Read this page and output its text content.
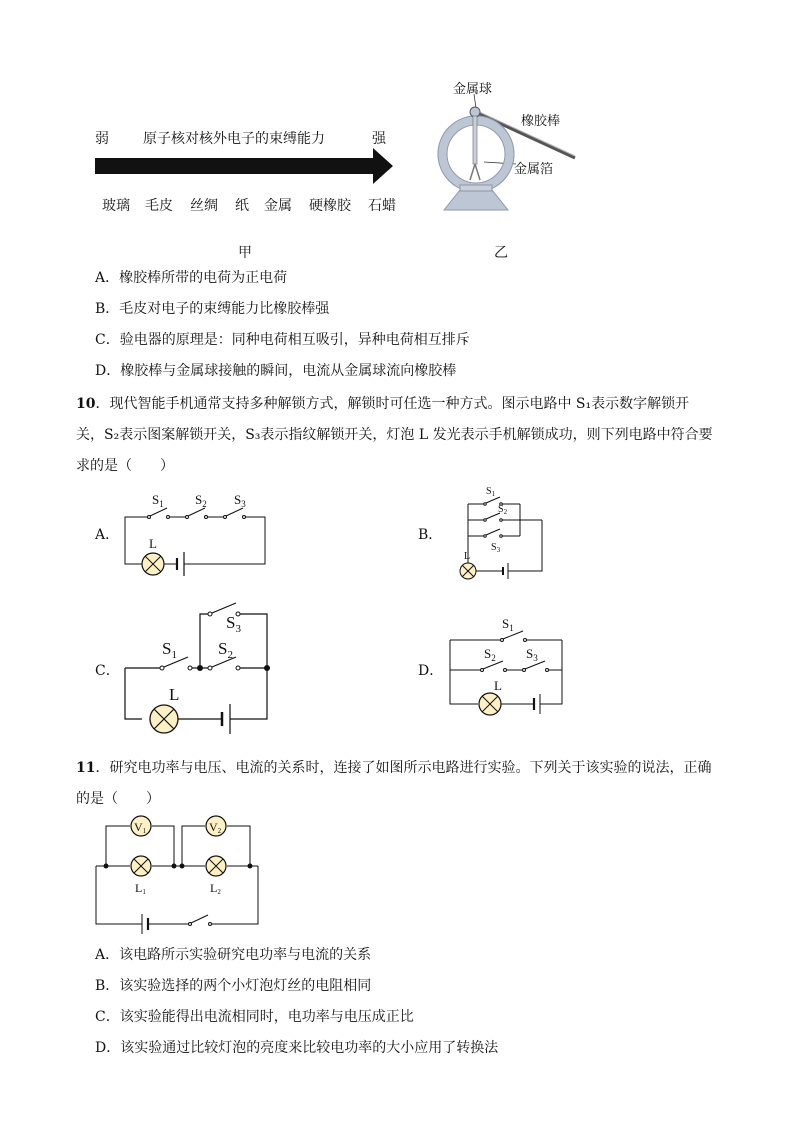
弱 原子核对核外电子的束缚能力	强
玻璃 毛皮 丝绸 纸 金属 硬橡胶 石蜡
甲
金属球
橡胶棒
金属箔
乙
A．橡胶棒所带的电荷为正电荷
B．毛皮对电子的束缚能力比橡胶棒强
C．验电器的原理是：同种电荷相互吸引，异种电荷相互排斥
D．橡胶棒与金属球接触的瞬间，电流从金属球流向橡胶棒
10．现代智能手机通常支持多种解锁方式，解锁时可任选一种方式。图示电路中 S₁表示数字解锁开
关，S₂表示图案解锁开关，S₃表示指纹解锁开关，灯泡 L 发光表示手机解锁成功，则下列电路中符合要
求的是（　　）
A．
$S_1$ $S_2$ $S_3$
L
B．
$S_1$
$S_2$
$S_3$
L
C．
$S_1$ $S_2$
$S_3$
L
D．
$S_1$
$S_2$ $S_3$
L
11．研究电功率与电压、电流的关系时，连接了如图所示电路进行实验。下列关于该实验的说法，正确
的是（　　）
V1	V2
L1	L2
A．该电路所示实验研究电功率与电流的关系
B．该实验选择的两个小灯泡灯丝的电阻相同
C．该实验能得出电流相同时，电功率与电压成正比
D．该实验通过比较灯泡的亮度来比较电功率的大小应用了转换法
